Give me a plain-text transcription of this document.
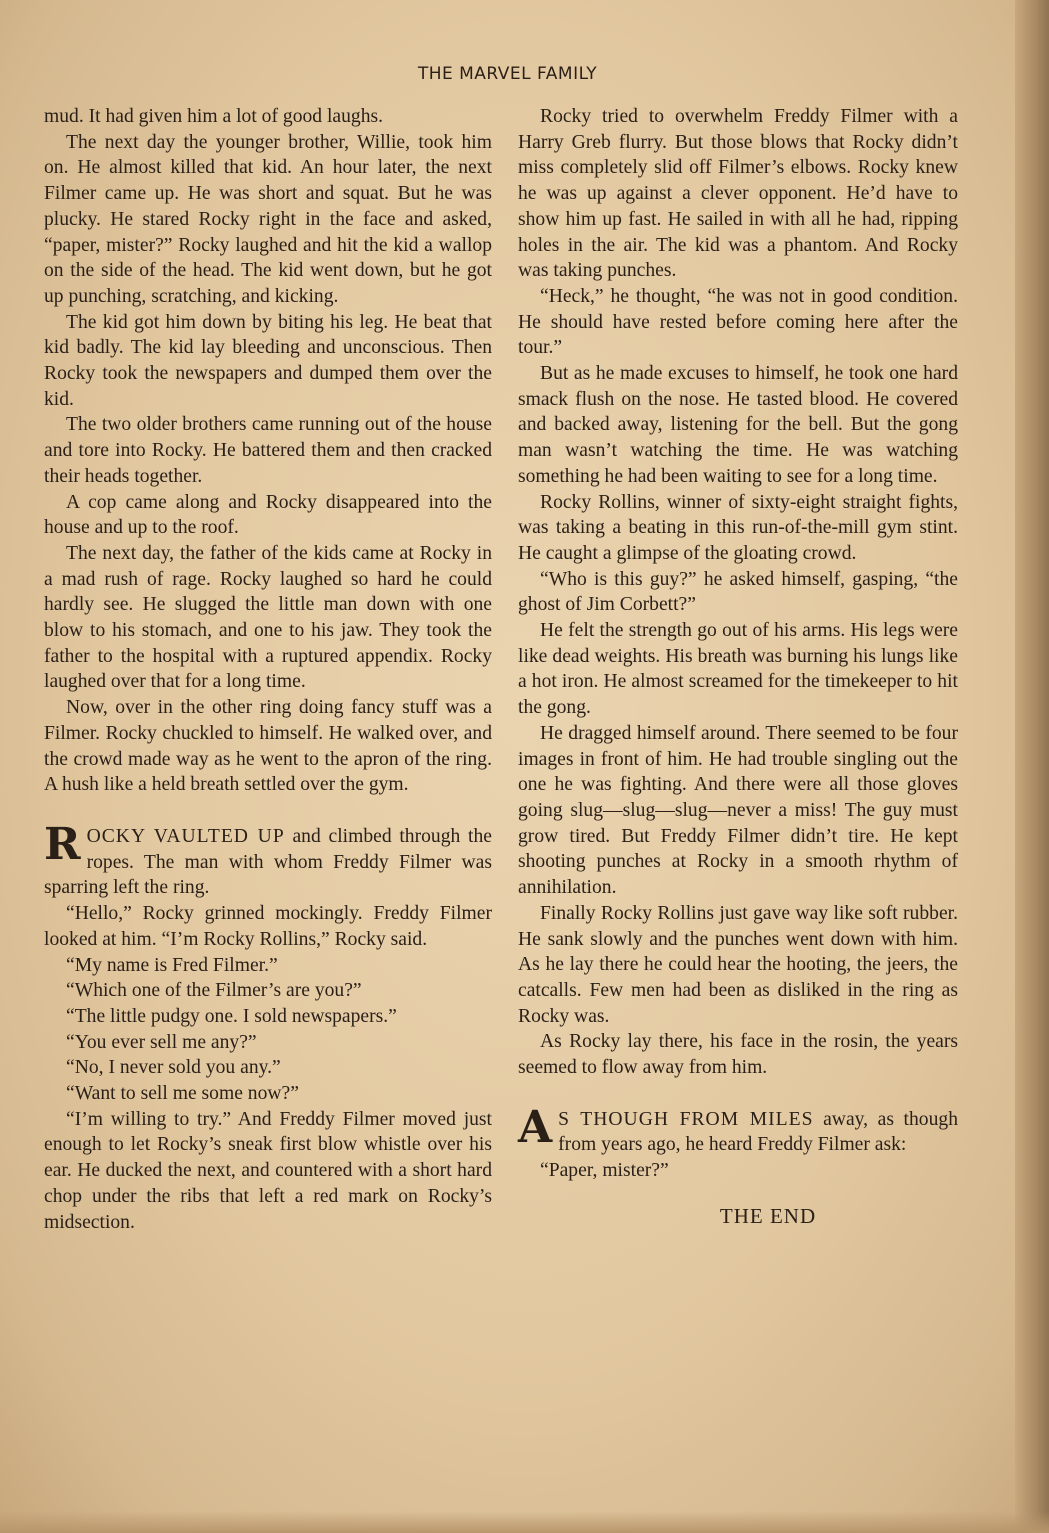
THE MARVEL FAMILY

mud. It had given him a lot of good laughs.

The next day the younger brother, Willie, took him on. He almost killed that kid. An hour later, the next Filmer came up. He was short and squat. But he was plucky. He stared Rocky right in the face and asked, “paper, mister?” Rocky laughed and hit the kid a wallop on the side of the head. The kid went down, but he got up punching, scratching, and kicking.

The kid got him down by biting his leg. He beat that kid badly. The kid lay bleeding and unconscious. Then Rocky took the newspapers and dumped them over the kid.

The two older brothers came running out of the house and tore into Rocky. He battered them and then cracked their heads together.

A cop came along and Rocky disappeared into the house and up to the roof.

The next day, the father of the kids came at Rocky in a mad rush of rage. Rocky laughed so hard he could hardly see. He slugged the little man down with one blow to his stomach, and one to his jaw. They took the father to the hospital with a ruptured appendix. Rocky laughed over that for a long time.

Now, over in the other ring doing fancy stuff was a Filmer. Rocky chuckled to himself. He walked over, and the crowd made way as he went to the apron of the ring. A hush like a held breath settled over the gym.

ROCKY VAULTED UP and climbed through the ropes. The man with whom Freddy Filmer was sparring left the ring.

“Hello,” Rocky grinned mockingly. Freddy Filmer looked at him. “I’m Rocky Rollins,” Rocky said.

“My name is Fred Filmer.”

“Which one of the Filmer’s are you?”

“The little pudgy one. I sold newspapers.”

“You ever sell me any?”

“No, I never sold you any.”

“Want to sell me some now?”

“I’m willing to try.” And Freddy Filmer moved just enough to let Rocky’s sneak first blow whistle over his ear. He ducked the next, and countered with a short hard chop under the ribs that left a red mark on Rocky’s midsection.

Rocky tried to overwhelm Freddy Filmer with a Harry Greb flurry. But those blows that Rocky didn’t miss completely slid off Filmer’s elbows. Rocky knew he was up against a clever opponent. He’d have to show him up fast. He sailed in with all he had, ripping holes in the air. The kid was a phantom. And Rocky was taking punches.

“Heck,” he thought, “he was not in good condition. He should have rested before coming here after the tour.”

But as he made excuses to himself, he took one hard smack flush on the nose. He tasted blood. He covered and backed away, listening for the bell. But the gong man wasn’t watching the time. He was watching something he had been waiting to see for a long time.

Rocky Rollins, winner of sixty-eight straight fights, was taking a beating in this run-of-the-mill gym stint. He caught a glimpse of the gloating crowd.

“Who is this guy?” he asked himself, gasping, “the ghost of Jim Corbett?”

He felt the strength go out of his arms. His legs were like dead weights. His breath was burning his lungs like a hot iron. He almost screamed for the timekeeper to hit the gong.

He dragged himself around. There seemed to be four images in front of him. He had trouble singling out the one he was fighting. And there were all those gloves going slug—slug—slug—never a miss! The guy must grow tired. But Freddy Filmer didn’t tire. He kept shooting punches at Rocky in a smooth rhythm of annihilation.

Finally Rocky Rollins just gave way like soft rubber. He sank slowly and the punches went down with him. As he lay there he could hear the hooting, the jeers, the catcalls. Few men had been as disliked in the ring as Rocky was.

As Rocky lay there, his face in the rosin, the years seemed to flow away from him.

A S THOUGH FROM MILES away, as though from years ago, he heard Freddy Filmer ask:

“Paper, mister?”

THE END
